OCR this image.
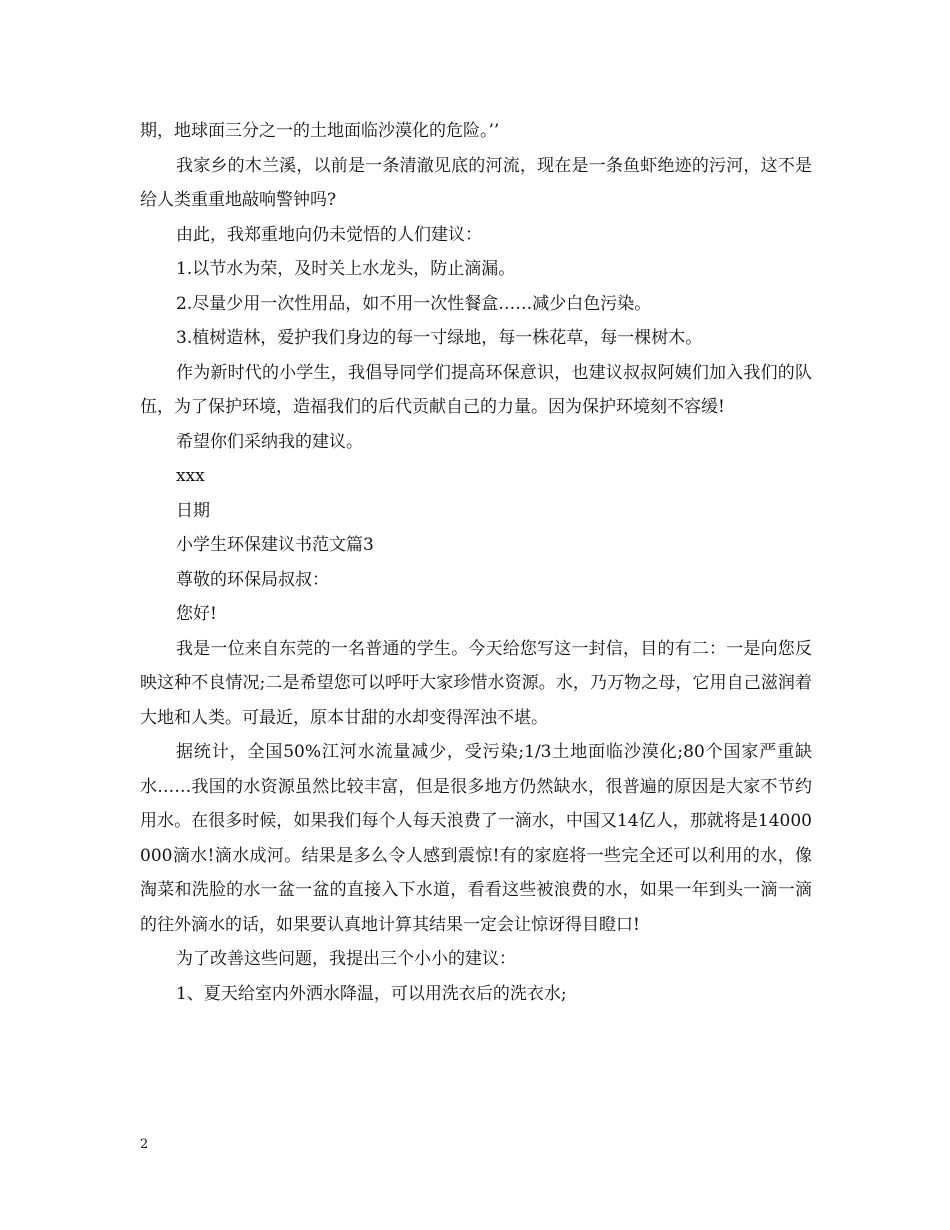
期，地球面三分之一的土地面临沙漠化的危险。’’

我家乡的木兰溪，以前是一条清澈见底的河流，现在是一条鱼虾绝迹的污河，这不是给人类重重地敲响警钟吗?

由此，我郑重地向仍未觉悟的人们建议：

1.以节水为荣，及时关上水龙头，防止滴漏。

2.尽量少用一次性用品，如不用一次性餐盒……减少白色污染。

3.植树造林，爱护我们身边的每一寸绿地，每一株花草，每一棵树木。

作为新时代的小学生，我倡导同学们提高环保意识，也建议叔叔阿姨们加入我们的队伍，为了保护环境，造福我们的后代贡献自己的力量。因为保护环境刻不容缓!

希望你们采纳我的建议。

xxx

日期

小学生环保建议书范文篇3

尊敬的环保局叔叔：

您好!

我是一位来自东莞的一名普通的学生。今天给您写这一封信，目的有二：一是向您反映这种不良情况;二是希望您可以呼吁大家珍惜水资源。水，乃万物之母，它用自己滋润着大地和人类。可最近，原本甘甜的水却变得浑浊不堪。

据统计，全国50%江河水流量减少，受污染;1/3土地面临沙漠化;80个国家严重缺水……我国的水资源虽然比较丰富，但是很多地方仍然缺水，很普遍的原因是大家不节约用水。在很多时候，如果我们每个人每天浪费了一滴水，中国又14亿人，那就将是14000000滴水!滴水成河。结果是多么令人感到震惊!有的家庭将一些完全还可以利用的水，像淘菜和洗脸的水一盆一盆的直接入下水道，看看这些被浪费的水，如果一年到头一滴一滴的往外滴水的话，如果要认真地计算其结果一定会让惊讶得目瞪口!

为了改善这些问题，我提出三个小小的建议：

1、夏天给室内外洒水降温，可以用洗衣后的洗衣水;

2
